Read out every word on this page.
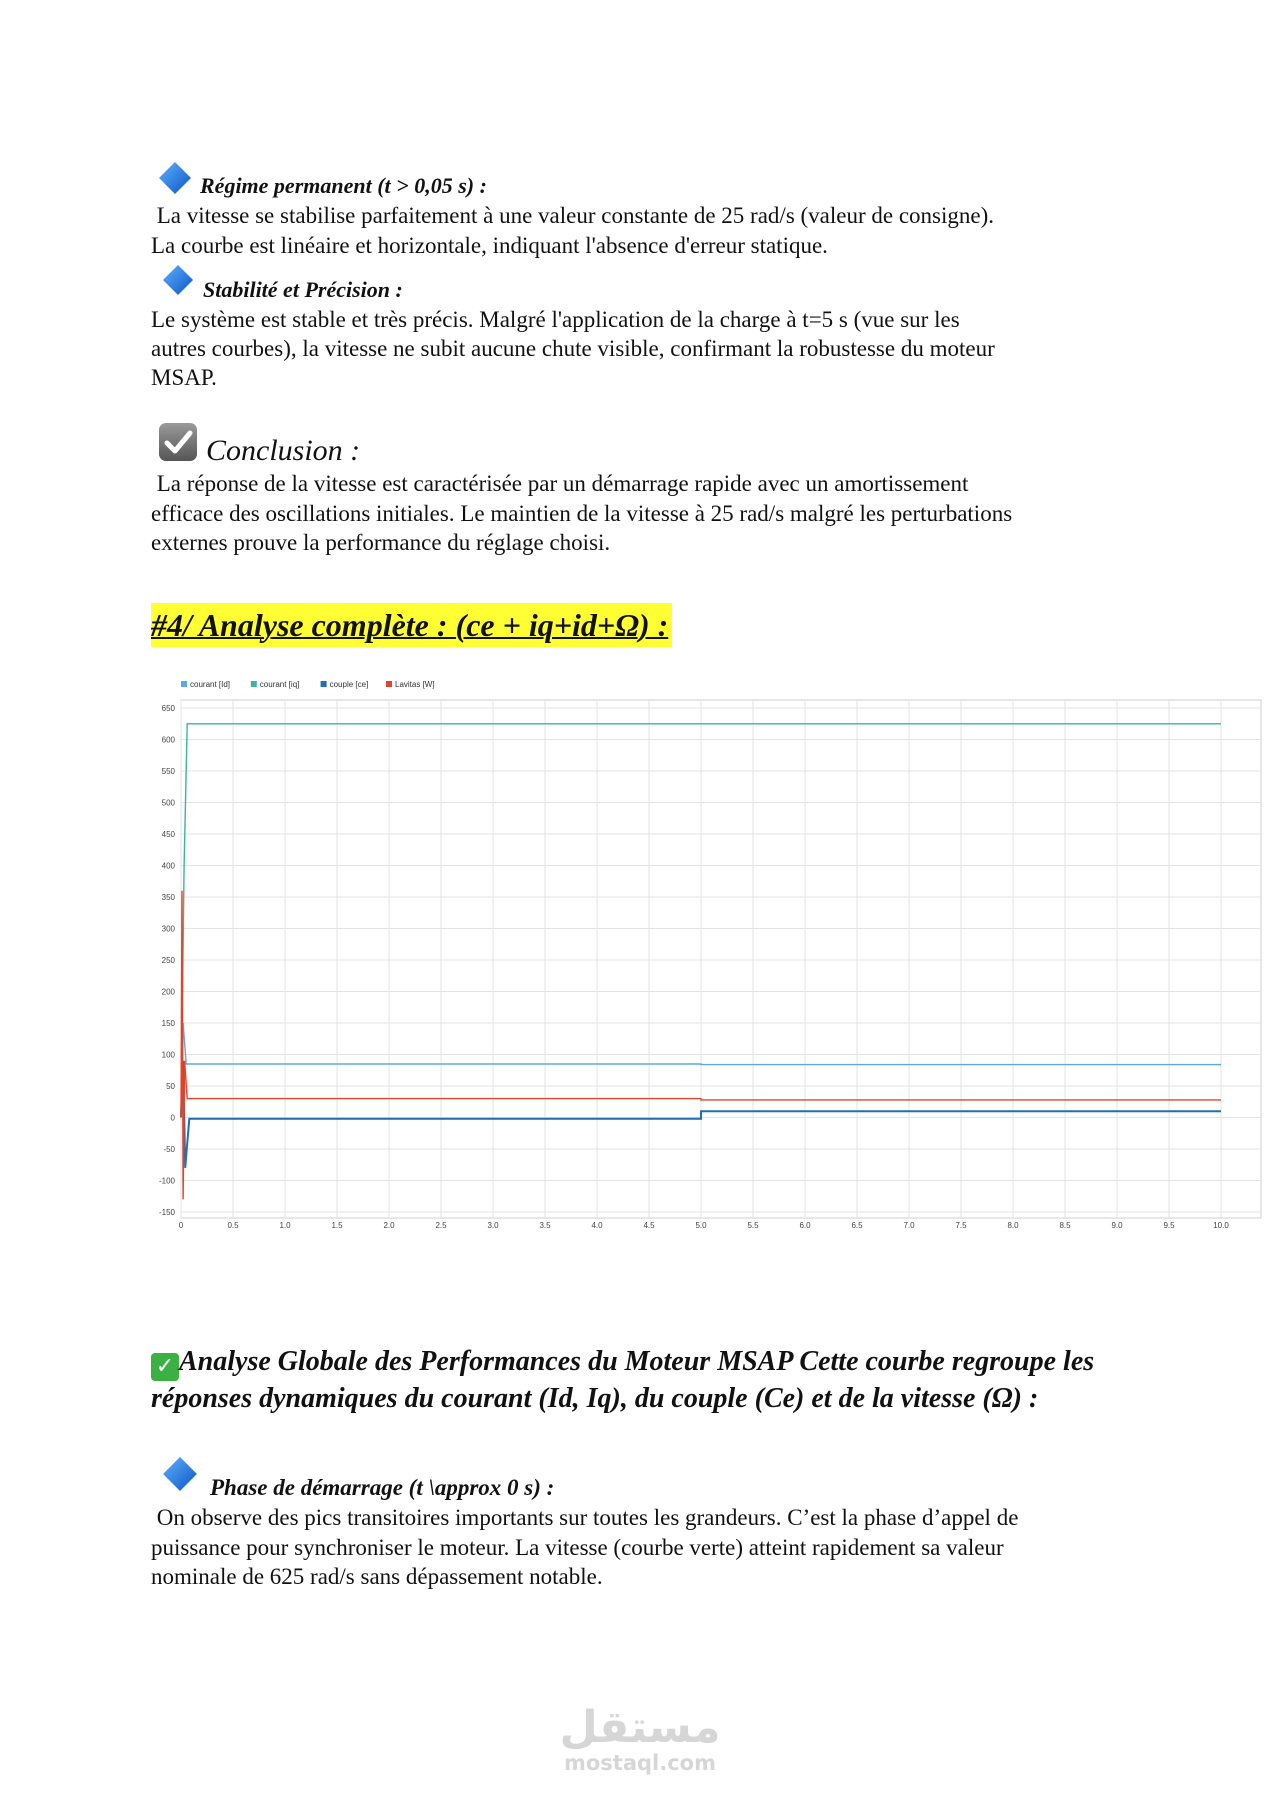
Régime permanent (t > 0,05 s) :
La vitesse se stabilise parfaitement à une valeur constante de 25 rad/s (valeur de consigne).
La courbe est linéaire et horizontale, indiquant l'absence d'erreur statique.
Stabilité et Précision :
Le système est stable et très précis. Malgré l'application de la charge à t=5 s (vue sur les
autres courbes), la vitesse ne subit aucune chute visible, confirmant la robustesse du moteur
MSAP.
Conclusion :
La réponse de la vitesse est caractérisée par un démarrage rapide avec un amortissement
efficace des oscillations initiales. Le maintien de la vitesse à 25 rad/s malgré les perturbations
externes prouve la performance du réglage choisi.
#4/ Analyse complète : (ce + iq+id+Ω) :
650
600
550
500
450
400
350
300
250
200
150
100
50
0
-50
-100
-150
0	0.5	1.0	1.5	2.0	2.5	3.0	3.5	4.0	4.5	5.0	5.5	6.0	6.5	7.0	7.5	8.0	8.5	9.0	9.5	10.0
courant [Id]	courant [iq]	couple [ce]	Lavitas [W]
✓ Analyse Globale des Performances du Moteur MSAP Cette courbe regroupe les réponses dynamiques du courant (Id, Iq), du couple (Ce) et de la vitesse (Ω) :
Phase de démarrage (t \approx 0 s) :
On observe des pics transitoires importants sur toutes les grandeurs. C’est la phase d’appel de
puissance pour synchroniser le moteur. La vitesse (courbe verte) atteint rapidement sa valeur
nominale de 625 rad/s sans dépassement notable.
مستقل
mostaql.com
